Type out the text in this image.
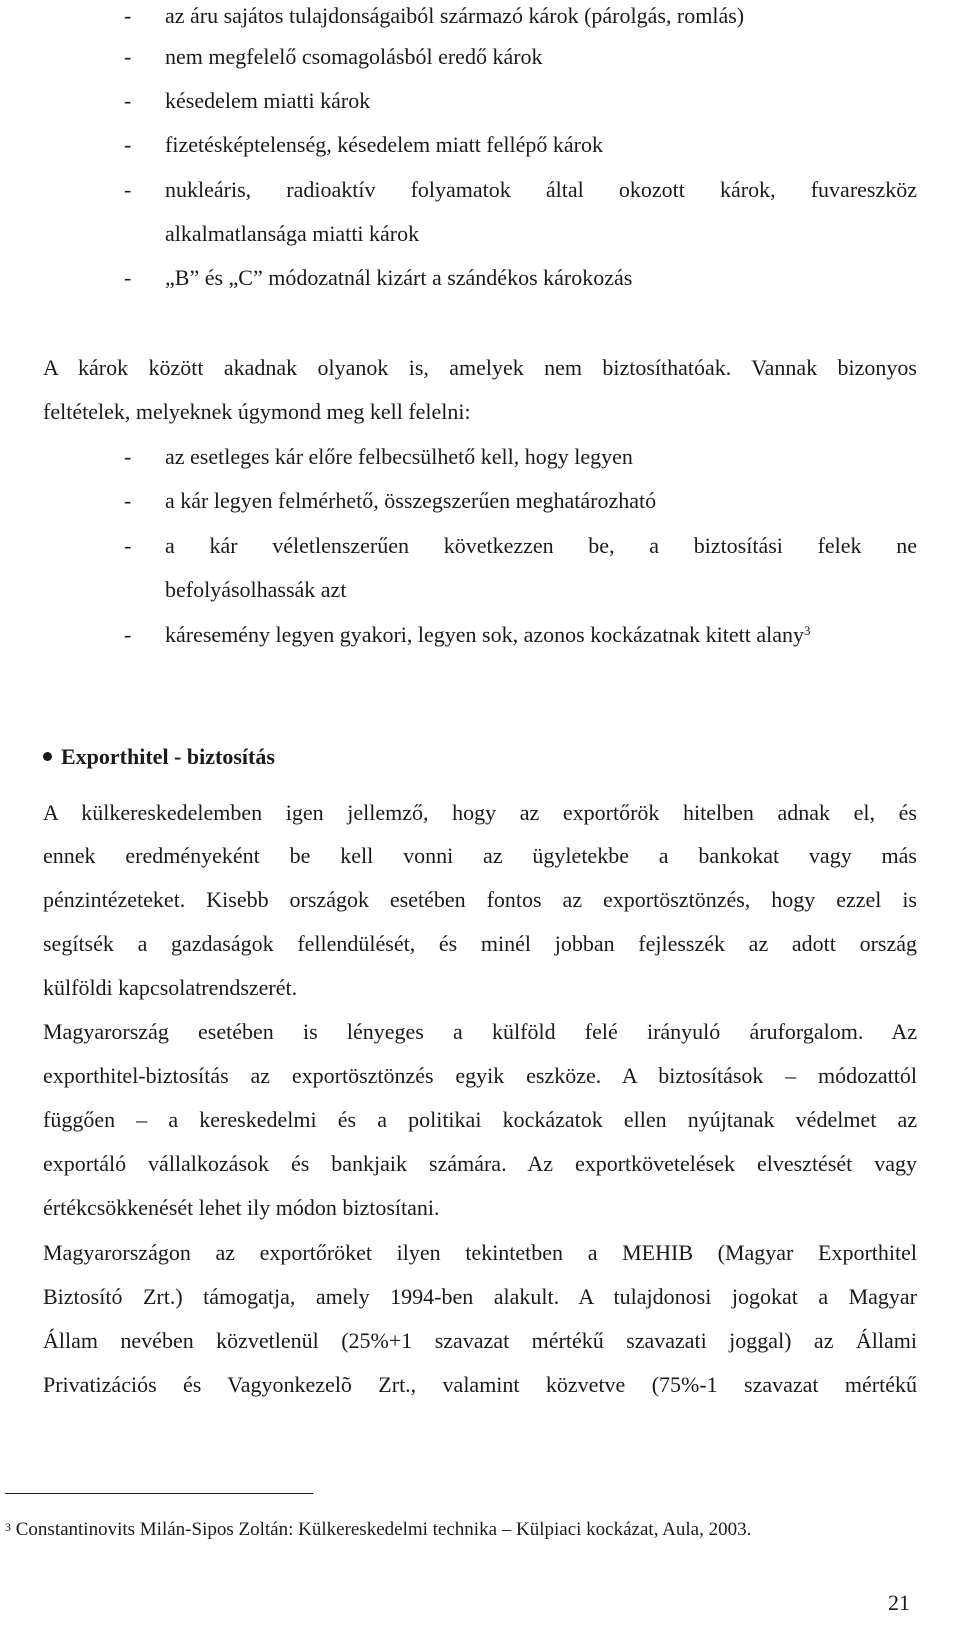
- az áru sajátos tulajdonságaiból származó károk (párolgás, romlás)
- nem megfelelő csomagolásból eredő károk
- késedelem miatti károk
- fizetésképtelenség, késedelem miatt fellépő károk
- nukleáris, radioaktív folyamatok által okozott károk, fuvareszköz
alkalmatlansága miatti károk
- „B” és „C” módozatnál kizárt a szándékos károkozás
A károk között akadnak olyanok is, amelyek nem biztosíthatóak. Vannak bizonyos
feltételek, melyeknek úgymond meg kell felelni:
- az esetleges kár előre felbecsülhető kell, hogy legyen
- a kár legyen felmérhető, összegszerűen meghatározható
- a kár véletlenszerűen következzen be, a biztosítási felek ne
befolyásolhassák azt
- káresemény legyen gyakori, legyen sok, azonos kockázatnak kitett alany$^3$
Exporthitel - biztosítás
A külkereskedelemben igen jellemző, hogy az exportőrök hitelben adnak el, és
ennek eredményeként be kell vonni az ügyletekbe a bankokat vagy más
pénzintézeteket. Kisebb országok esetében fontos az exportösztönzés, hogy ezzel is
segítsék a gazdaságok fellendülését, és minél jobban fejlesszék az adott ország
külföldi kapcsolatrendszerét.
Magyarország esetében is lényeges a külföld felé irányuló áruforgalom. Az
exporthitel-biztosítás az exportösztönzés egyik eszköze. A biztosítások – módozattól
függően – a kereskedelmi és a politikai kockázatok ellen nyújtanak védelmet az
exportáló vállalkozások és bankjaik számára. Az exportkövetelések elvesztését vagy
értékcsökkenését lehet ily módon biztosítani.
Magyarországon az exportőröket ilyen tekintetben a MEHIB (Magyar Exporthitel
Biztosító Zrt.) támogatja, amely 1994-ben alakult. A tulajdonosi jogokat a Magyar
Állam nevében közvetlenül (25%+1 szavazat mértékű szavazati joggal) az Állami
Privatizációs és Vagyonkezelõ Zrt., valamint közvetve (75%-1 szavazat mértékű
$^3$ Constantinovits Milán-Sipos Zoltán: Külkereskedelmi technika – Külpiaci kockázat, Aula, 2003.
21
